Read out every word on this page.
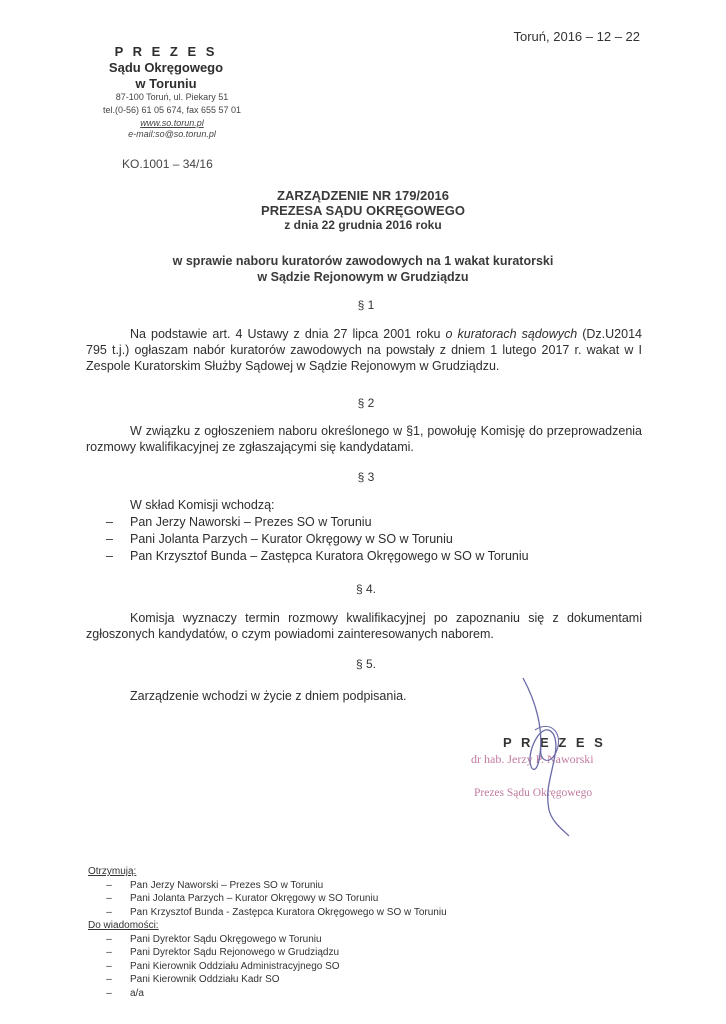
Toruń, 2016 – 12 – 22
P R E Z E S
Sądu Okręgowego
w Toruniu
87-100 Toruń, ul. Piekary 51
tel.(0-56) 61 05 674, fax 655 57 01
www.so.torun.pl
e-mail:so@so.torun.pl
KO.1001 – 34/16
ZARZĄDZENIE NR 179/2016
PREZESA SĄDU OKRĘGOWEGO
z dnia 22 grudnia 2016 roku
w sprawie naboru kuratorów zawodowych na 1 wakat kuratorski
w Sądzie Rejonowym w Grudziądzu
§ 1
Na podstawie art. 4 Ustawy z dnia 27 lipca 2001 roku o kuratorach sądowych (Dz.U2014 795 t.j.) ogłaszam nabór kuratorów zawodowych na powstały z dniem 1 lutego 2017 r. wakat w I Zespole Kuratorskim Służby Sądowej w Sądzie Rejonowym w Grudziądzu.
§ 2
W związku z ogłoszeniem naboru określonego w §1, powołuję Komisję do przeprowadzenia rozmowy kwalifikacyjnej ze zgłaszającymi się kandydatami.
§ 3
W skład Komisji wchodzą:
–	Pan Jerzy Naworski – Prezes SO w Toruniu
–	Pani Jolanta Parzych – Kurator Okręgowy w SO w Toruniu
–	Pan Krzysztof Bunda – Zastępca Kuratora Okręgowego w SO w Toruniu
§ 4.
Komisja wyznaczy termin rozmowy kwalifikacyjnej po zapoznaniu się z dokumentami zgłoszonych kandydatów, o czym powiadomi zainteresowanych naborem.
§ 5.
Zarządzenie wchodzi w życie z dniem podpisania.
P R E Z E S
dr hab. Jerzy P. Naworski
Prezes Sądu Okręgowego
Otrzymują:
–	Pan Jerzy Naworski – Prezes SO w Toruniu
–	Pani Jolanta Parzych – Kurator Okręgowy w SO Toruniu
–	Pan Krzysztof Bunda - Zastępca Kuratora Okręgowego w SO w Toruniu
Do wiadomości:
–	Pani Dyrektor Sądu Okręgowego w Toruniu
–	Pani Dyrektor Sądu Rejonowego w Grudziądzu
–	Pani Kierownik Oddziału Administracyjnego SO
–	Pani Kierownik Oddziału Kadr SO
–	a/a
